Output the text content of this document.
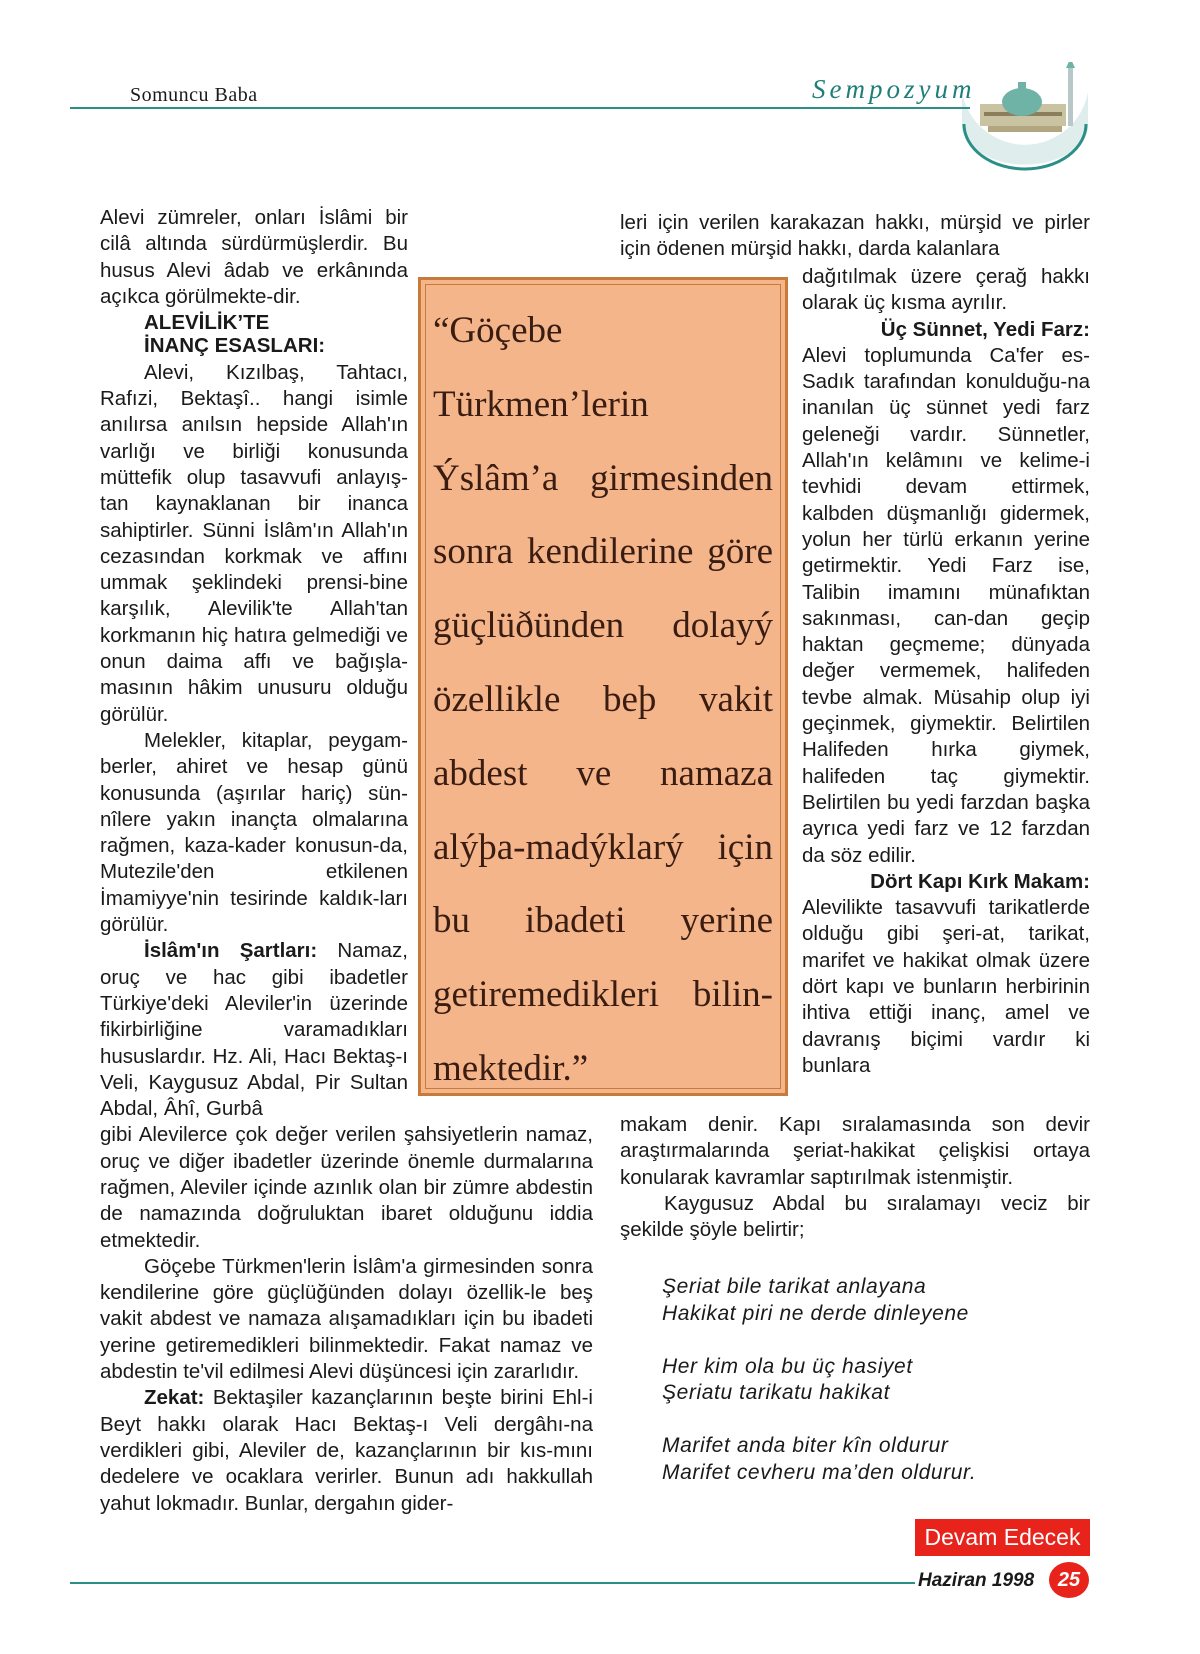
Somuncu Baba	Sempozyum

Alevi zümreler, onları İslâmi bir cilâ altında sürdürmüşlerdir. Bu husus Alevi âdab ve erkânında açıkca görülmekte-dir.

ALEVİLİK’TE

İNANÇ ESASLARI:

Alevi, Kızılbaş, Tahtacı, Rafızi, Bektaşî.. hangi isimle anılırsa anılsın hepside Allah'ın varlığı ve birliği konusunda müttefik olup tasavvufi anlayış-tan kaynaklanan bir inanca sahiptirler. Sünni İslâm'ın Allah'ın cezasından korkmak ve affını ummak şeklindeki prensi-bine karşılık, Alevilik'te Allah'tan korkmanın hiç hatıra gelmediği ve onun daima affı ve bağışla-masının hâkim unusuru olduğu görülür.

Melekler, kitaplar, peygam-berler, ahiret ve hesap günü konusunda (aşırılar hariç) sün-nîlere yakın inançta olmalarına rağmen, kaza-kader konusun-da, Mutezile'den etkilenen İmamiyye'nin tesirinde kaldık-ları görülür.

İslâm'ın Şartları: Namaz, oruç ve hac gibi ibadetler Türkiye'deki Aleviler'in üzerinde fikirbirliğine varamadıkları hususlardır. Hz. Ali, Hacı Bektaş-ı Veli, Kaygusuz Abdal, Pir Sultan Abdal, Âhî, Gurbâ

gibi Alevilerce çok değer verilen şahsiyetlerin namaz, oruç ve diğer ibadetler üzerinde önemle durmalarına rağmen, Aleviler içinde azınlık olan bir zümre abdestin de namazında doğruluktan ibaret olduğunu iddia etmektedir.

Göçebe Türkmen'lerin İslâm'a girmesinden sonra kendilerine göre güçlüğünden dolayı özellik-le beş vakit abdest ve namaza alışamadıkları için bu ibadeti yerine getiremedikleri bilinmektedir. Fakat namaz ve abdestin te'vil edilmesi Alevi düşüncesi için zararlıdır.

Zekat: Bektaşiler kazançlarının beşte birini Ehl-i Beyt hakkı olarak Hacı Bektaş-ı Veli dergâhı-na verdikleri gibi, Aleviler de, kazançlarının bir kıs-mını dedelere ve ocaklara verirler. Bunun adı hakkullah yahut lokmadır. Bunlar, dergahın gider-

leri için verilen karakazan hakkı, mürşid ve pirler için ödenen mürşid hakkı, darda kalanlara

dağıtılmak üzere çerağ hakkı olarak üç kısma ayrılır.

Üç Sünnet, Yedi Farz:

Alevi toplumunda Ca'fer es-Sadık tarafından konulduğu-na inanılan üç sünnet yedi farz geleneği vardır. Sünnetler, Allah'ın kelâmını ve kelime-i tevhidi devam ettirmek, kalbden düşmanlığı gidermek, yolun her türlü erkanın yerine getirmektir. Yedi Farz ise, Talibin imamını münafıktan sakınması, can-dan geçip haktan geçmeme; dünyada değer vermemek, halifeden tevbe almak. Müsahip olup iyi geçinmek, giymektir. Belirtilen Halifeden hırka giymek, halifeden taç giymektir. Belirtilen bu yedi farzdan başka ayrıca yedi farz ve 12 farzdan da söz edilir.

Dört Kapı Kırk Makam:

Alevilikte tasavvufi tarikatlerde olduğu gibi şeri-at, tarikat, marifet ve hakikat olmak üzere dört kapı ve bunların herbirinin ihtiva ettiği inanç, amel ve davranış biçimi vardır ki bunlara

makam denir. Kapı sıralamasında son devir araştırmalarında şeriat-hakikat çelişkisi ortaya konularak kavramlar saptırılmak istenmiştir.

Kaygusuz Abdal bu sıralamayı veciz bir şekilde şöyle belirtir;

“Göçebe Türkmen’lerin Ýslâm’a girmesinden sonra kendilerine göre güçlüðünden dolayý özellikle beþ vakit abdest ve namaza alýþa-madýklarý için bu ibadeti yerine getiremedikleri bilin-mektedir.”

Şeriat bile tarikat anlayana
Hakikat piri ne derde dinleyene

Her kim ola bu üç hasiyet
Şeriatu tarikatu hakikat

Marifet anda biter kîn oldurur
Marifet cevheru ma’den oldurur.

Devam Edecek
Haziran 1998	25
